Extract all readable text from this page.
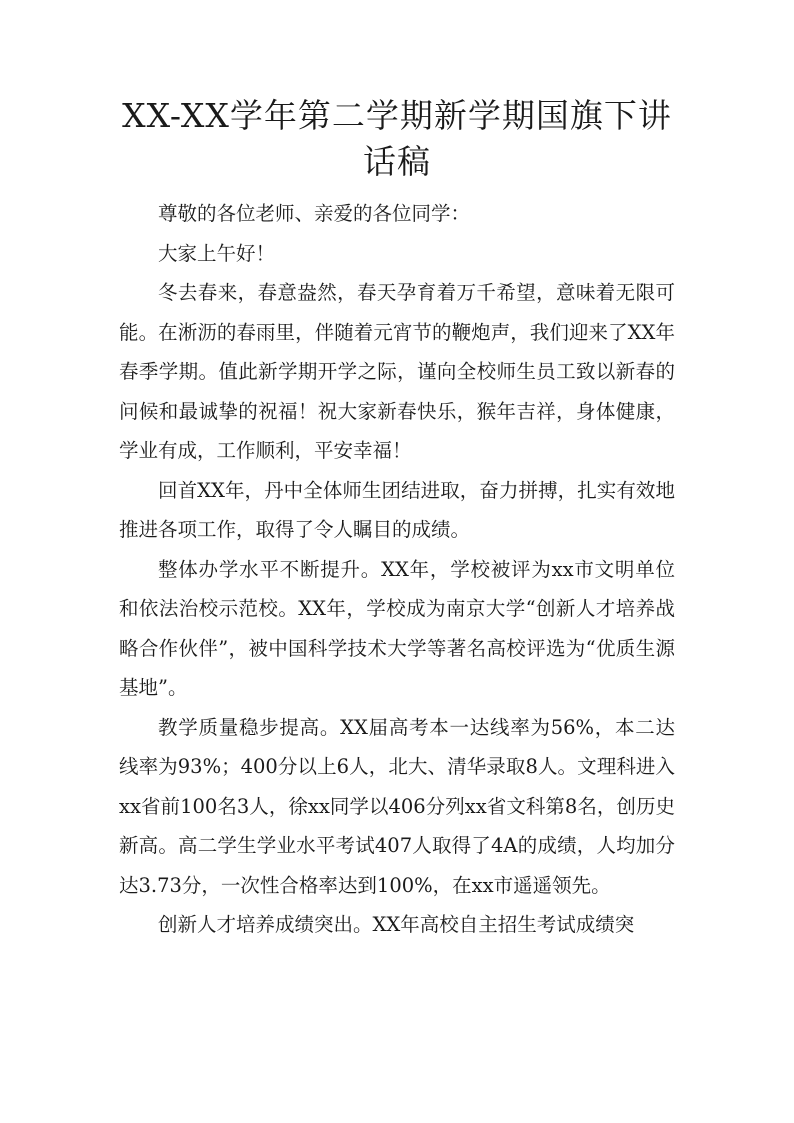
XX-XX学年第二学期新学期国旗下讲话稿

尊敬的各位老师、亲爱的各位同学：

大家上午好！

冬去春来，春意盎然，春天孕育着万千希望，意味着无限可能。在淅沥的春雨里，伴随着元宵节的鞭炮声，我们迎来了XX年春季学期。值此新学期开学之际，谨向全校师生员工致以新春的问候和最诚挚的祝福！祝大家新春快乐，猴年吉祥，身体健康，学业有成，工作顺利，平安幸福！

回首XX年，丹中全体师生团结进取，奋力拼搏，扎实有效地推进各项工作，取得了令人瞩目的成绩。

整体办学水平不断提升。XX年，学校被评为xx市文明单位和依法治校示范校。XX年，学校成为南京大学“创新人才培养战略合作伙伴”，被中国科学技术大学等著名高校评选为“优质生源基地”。

教学质量稳步提高。XX届高考本一达线率为56%，本二达线率为93%；400分以上6人，北大、清华录取8人。文理科进入xx省前100名3人，徐xx同学以406分列xx省文科第8名，创历史新高。高二学生学业水平考试407人取得了4A的成绩，人均加分达3.73分，一次性合格率达到100%，在xx市遥遥领先。

创新人才培养成绩突出。XX年高校自主招生考试成绩突
